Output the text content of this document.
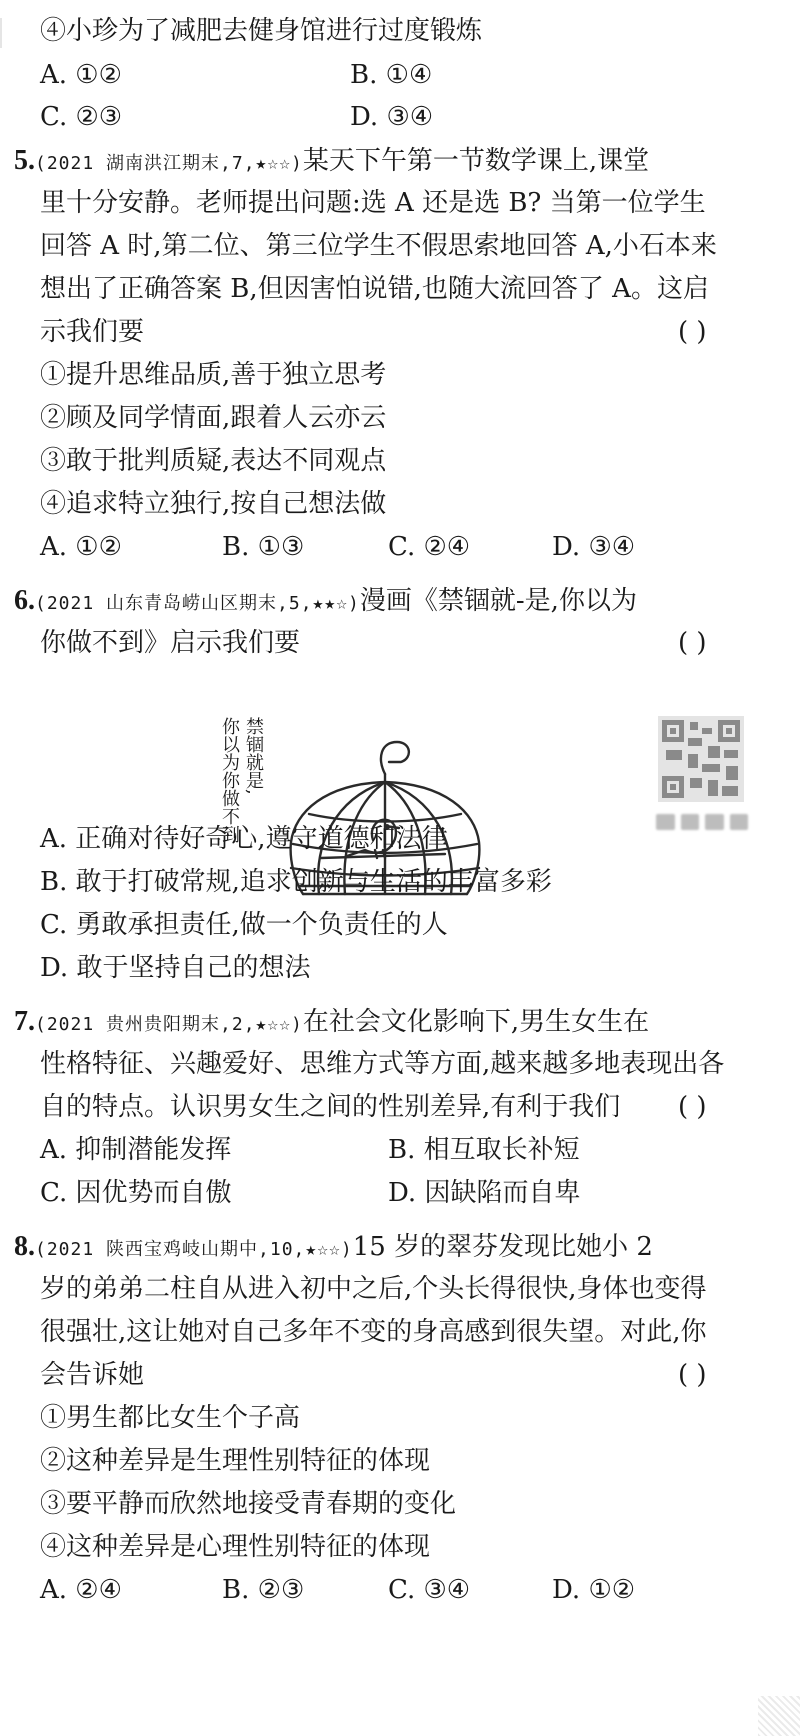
④小珍为了减肥去健身馆进行过度锻炼
A. ①②	B. ①④
C. ②③	D. ③④
5.(2021 湖南洪江期末,7,★☆☆)某天下午第一节数学课上,课堂
里十分安静。老师提出问题:选 A 还是选 B? 当第一位学生
回答 A 时,第二位、第三位学生不假思索地回答 A,小石本来
想出了正确答案 B,但因害怕说错,也随大流回答了 A。这启
示我们要	( )
①提升思维品质,善于独立思考
②顾及同学情面,跟着人云亦云
③敢于批判质疑,表达不同观点
④追求特立独行,按自己想法做
A. ①②	B. ①③	C. ②④	D. ③④
6.(2021 山东青岛崂山区期末,5,★★☆)漫画《禁锢就-是,你以为
你做不到》启示我们要	( )
禁锢就是,
你以为你做不到
A. 正确对待好奇心,遵守道德和法律
B. 敢于打破常规,追求创新与生活的丰富多彩
C. 勇敢承担责任,做一个负责任的人
D. 敢于坚持自己的想法
7.(2021 贵州贵阳期末,2,★☆☆)在社会文化影响下,男生女生在
性格特征、兴趣爱好、思维方式等方面,越来越多地表现出各
自的特点。认识男女生之间的性别差异,有利于我们 ( )
A. 抑制潜能发挥	B. 相互取长补短
C. 因优势而自傲	D. 因缺陷而自卑
8.(2021 陕西宝鸡岐山期中,10,★☆☆)15 岁的翠芬发现比她小 2
岁的弟弟二柱自从进入初中之后,个头长得很快,身体也变得
很强壮,这让她对自己多年不变的身高感到很失望。对此,你
会告诉她	( )
①男生都比女生个子高
②这种差异是生理性别特征的体现
③要平静而欣然地接受青春期的变化
④这种差异是心理性别特征的体现
A. ②④	B. ②③	C. ③④	D. ①②
